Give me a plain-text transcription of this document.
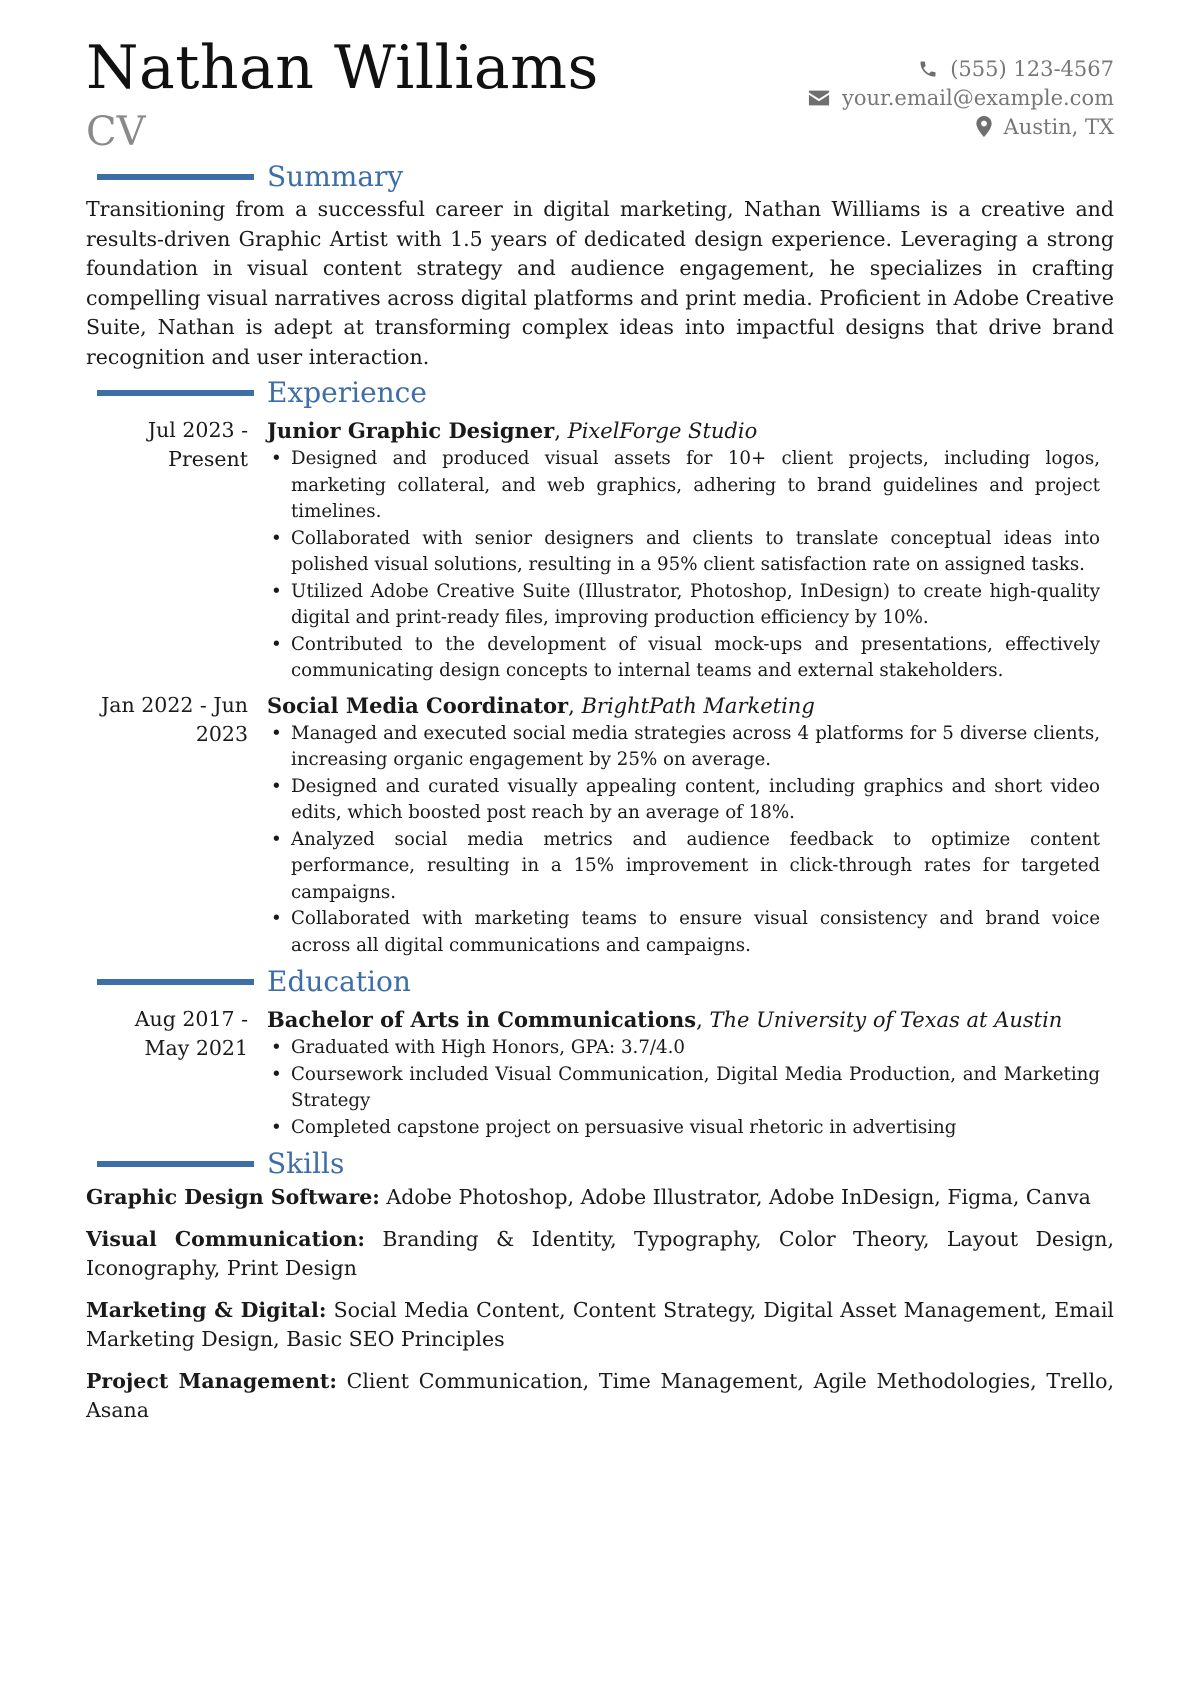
Nathan Williams
CV
(555) 123-4567
your.email@example.com
Austin, TX
Summary
Transitioning from a successful career in digital marketing, Nathan Williams is a creative and results-driven Graphic Artist with 1.5 years of dedicated design experience. Leveraging a strong foundation in visual content strategy and audience engagement, he specializes in crafting compelling visual narratives across digital platforms and print media. Proficient in Adobe Creative Suite, Nathan is adept at transforming complex ideas into impactful designs that drive brand recognition and user interaction.
Experience
Jul 2023 - Present
Junior Graphic Designer, PixelForge Studio
• Designed and produced visual assets for 10+ client projects, including logos, marketing collateral, and web graphics, adhering to brand guidelines and project timelines.
• Collaborated with senior designers and clients to translate conceptual ideas into polished visual solutions, resulting in a 95% client satisfaction rate on assigned tasks.
• Utilized Adobe Creative Suite (Illustrator, Photoshop, InDesign) to create high-quality digital and print-ready files, improving production efficiency by 10%.
• Contributed to the development of visual mock-ups and presentations, effectively communicating design concepts to internal teams and external stakeholders.
Jan 2022 - Jun 2023
Social Media Coordinator, BrightPath Marketing
• Managed and executed social media strategies across 4 platforms for 5 diverse clients, increasing organic engagement by 25% on average.
• Designed and curated visually appealing content, including graphics and short video edits, which boosted post reach by an average of 18%.
• Analyzed social media metrics and audience feedback to optimize content performance, resulting in a 15% improvement in click-through rates for targeted campaigns.
• Collaborated with marketing teams to ensure visual consistency and brand voice across all digital communications and campaigns.
Education
Aug 2017 - May 2021
Bachelor of Arts in Communications, The University of Texas at Austin
• Graduated with High Honors, GPA: 3.7/4.0
• Coursework included Visual Communication, Digital Media Production, and Marketing Strategy
• Completed capstone project on persuasive visual rhetoric in advertising
Skills
Graphic Design Software: Adobe Photoshop, Adobe Illustrator, Adobe InDesign, Figma, Canva
Visual Communication: Branding & Identity, Typography, Color Theory, Layout Design, Iconography, Print Design
Marketing & Digital: Social Media Content, Content Strategy, Digital Asset Management, Email Marketing Design, Basic SEO Principles
Project Management: Client Communication, Time Management, Agile Methodologies, Trello, Asana
